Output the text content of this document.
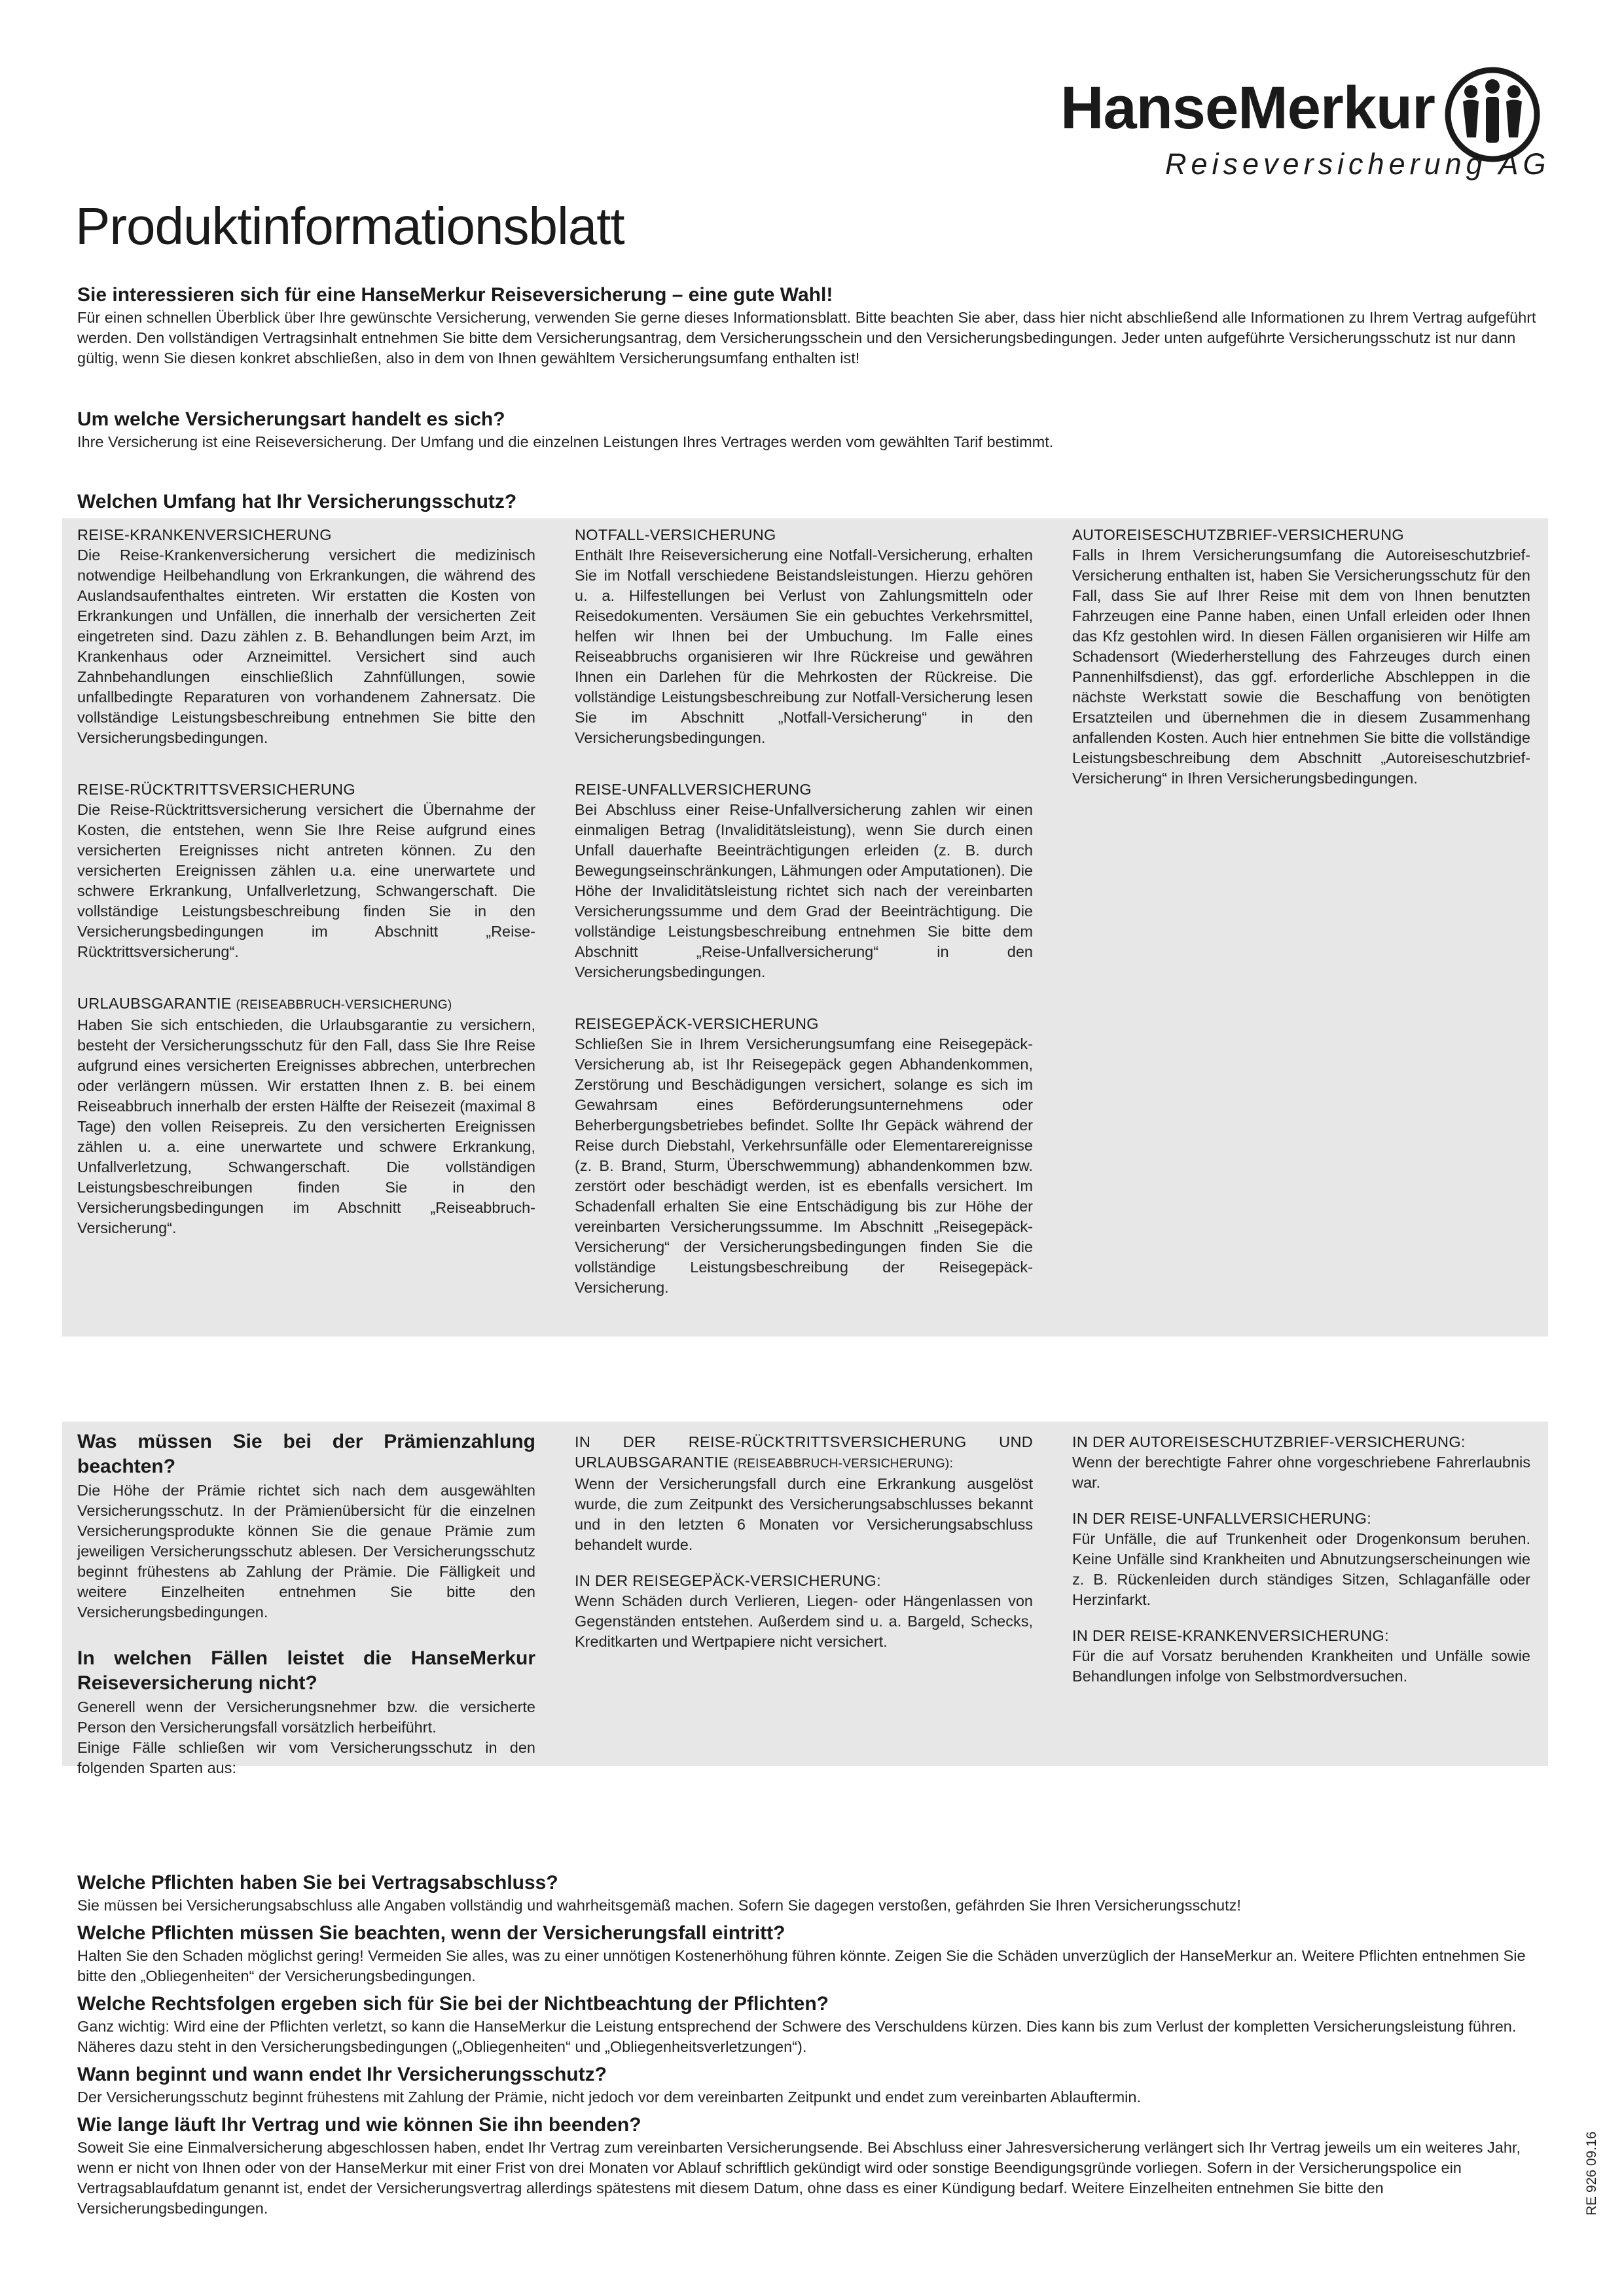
HanseMerkur
Reiseversicherung AG
Produktinformationsblatt

Sie interessieren sich für eine HanseMerkur Reiseversicherung – eine gute Wahl!

Für einen schnellen Überblick über Ihre gewünschte Versicherung, verwenden Sie gerne dieses Informationsblatt. Bitte beachten Sie aber, dass hier nicht abschließend alle Informationen zu Ihrem Vertrag aufgeführt werden. Den vollständigen Vertragsinhalt entnehmen Sie bitte dem Versicherungsantrag, dem Versicherungsschein und den Versicherungsbedingungen. Jeder unten aufgeführte Versicherungsschutz ist nur dann gültig, wenn Sie diesen konkret abschließen, also in dem von Ihnen gewähltem Versicherungsumfang enthalten ist!

Um welche Versicherungsart handelt es sich?

Ihre Versicherung ist eine Reiseversicherung. Der Umfang und die einzelnen Leistungen Ihres Vertrages werden vom gewählten Tarif bestimmt.

Welchen Umfang hat Ihr Versicherungsschutz?

REISE-KRANKENVERSICHERUNG

Die Reise-Krankenversicherung versichert die medizinisch notwendige Heilbehandlung von Erkrankungen, die während des Auslandsaufenthaltes eintreten. Wir erstatten die Kosten von Erkrankungen und Unfällen, die innerhalb der versicherten Zeit eingetreten sind. Dazu zählen z. B. Behandlungen beim Arzt, im Krankenhaus oder Arzneimittel. Versichert sind auch Zahnbehandlungen einschließlich Zahnfüllungen, sowie unfallbedingte Reparaturen von vorhandenem Zahnersatz. Die vollständige Leistungsbeschreibung entnehmen Sie bitte den Versicherungsbedingungen.

REISE-RÜCKTRITTSVERSICHERUNG

Die Reise-Rücktrittsversicherung versichert die Übernahme der Kosten, die entstehen, wenn Sie Ihre Reise aufgrund eines versicherten Ereignisses nicht antreten können. Zu den versicherten Ereignissen zählen u.a. eine unerwartete und schwere Erkrankung, Unfallverletzung, Schwangerschaft. Die vollständige Leistungsbeschreibung finden Sie in den Versicherungsbedingungen im Abschnitt „Reise-Rücktrittsversicherung“.

URLAUBSGARANTIE (REISEABBRUCH-VERSICHERUNG)

Haben Sie sich entschieden, die Urlaubsgarantie zu versichern, besteht der Versicherungsschutz für den Fall, dass Sie Ihre Reise aufgrund eines versicherten Ereignisses abbrechen, unterbrechen oder verlängern müssen. Wir erstatten Ihnen z. B. bei einem Reiseabbruch innerhalb der ersten Hälfte der Reisezeit (maximal 8 Tage) den vollen Reisepreis. Zu den versicherten Ereignissen zählen u. a. eine unerwartete und schwere Erkrankung, Unfallverletzung, Schwangerschaft. Die vollständigen Leistungsbeschreibungen finden Sie in den Versicherungsbedingungen im Abschnitt „Reiseabbruch-Versicherung“.

NOTFALL-VERSICHERUNG

Enthält Ihre Reiseversicherung eine Notfall-Versicherung, erhalten Sie im Notfall verschiedene Beistandsleistungen. Hierzu gehören u. a. Hilfestellungen bei Verlust von Zahlungsmitteln oder Reisedokumenten. Versäumen Sie ein gebuchtes Verkehrsmittel, helfen wir Ihnen bei der Umbuchung. Im Falle eines Reiseabbruchs organisieren wir Ihre Rückreise und gewähren Ihnen ein Darlehen für die Mehrkosten der Rückreise. Die vollständige Leistungsbeschreibung zur Notfall-Versicherung lesen Sie im Abschnitt „Notfall-Versicherung“ in den Versicherungsbedingungen.

REISE-UNFALLVERSICHERUNG

Bei Abschluss einer Reise-Unfallversicherung zahlen wir einen einmaligen Betrag (Invaliditätsleistung), wenn Sie durch einen Unfall dauerhafte Beeinträchtigungen erleiden (z. B. durch Bewegungseinschränkungen, Lähmungen oder Amputationen). Die Höhe der Invaliditätsleistung richtet sich nach der vereinbarten Versicherungssumme und dem Grad der Beeinträchtigung. Die vollständige Leistungsbeschreibung entnehmen Sie bitte dem Abschnitt „Reise-Unfallversicherung“ in den Versicherungsbedingungen.

REISEGEPÄCK-VERSICHERUNG

Schließen Sie in Ihrem Versicherungsumfang eine Reisegepäck-Versicherung ab, ist Ihr Reisegepäck gegen Abhandenkommen, Zerstörung und Beschädigungen versichert, solange es sich im Gewahrsam eines Beförderungsunternehmens oder Beherbergungsbetriebes befindet. Sollte Ihr Gepäck während der Reise durch Diebstahl, Verkehrsunfälle oder Elementarereignisse (z. B. Brand, Sturm, Überschwemmung) abhandenkommen bzw. zerstört oder beschädigt werden, ist es ebenfalls versichert. Im Schadenfall erhalten Sie eine Entschädigung bis zur Höhe der vereinbarten Versicherungssumme. Im Abschnitt „Reisegepäck-Versicherung“ der Versicherungsbedingungen finden Sie die vollständige Leistungsbeschreibung der Reisegepäck-Versicherung.

AUTOREISESCHUTZBRIEF-VERSICHERUNG

Falls in Ihrem Versicherungsumfang die Autoreiseschutzbrief-Versicherung enthalten ist, haben Sie Versicherungsschutz für den Fall, dass Sie auf Ihrer Reise mit dem von Ihnen benutzten Fahrzeugen eine Panne haben, einen Unfall erleiden oder Ihnen das Kfz gestohlen wird. In diesen Fällen organisieren wir Hilfe am Schadensort (Wiederherstellung des Fahrzeuges durch einen Pannenhilfsdienst), das ggf. erforderliche Abschleppen in die nächste Werkstatt sowie die Beschaffung von benötigten Ersatzteilen und übernehmen die in diesem Zusammenhang anfallenden Kosten. Auch hier entnehmen Sie bitte die vollständige Leistungsbeschreibung dem Abschnitt „Autoreiseschutzbrief-Versicherung“ in Ihren Versicherungsbedingungen.

Was müssen Sie bei der Prämienzahlung beachten?

Die Höhe der Prämie richtet sich nach dem ausgewählten Versicherungsschutz. In der Prämienübersicht für die einzelnen Versicherungsprodukte können Sie die genaue Prämie zum jeweiligen Versicherungsschutz ablesen. Der Versicherungsschutz beginnt frühestens ab Zahlung der Prämie. Die Fälligkeit und weitere Einzelheiten entnehmen Sie bitte den Versicherungsbedingungen.

In welchen Fällen leistet die HanseMerkur Reiseversicherung nicht?

Generell wenn der Versicherungsnehmer bzw. die versicherte Person den Versicherungsfall vorsätzlich herbeiführt.

Einige Fälle schließen wir vom Versicherungsschutz in den folgenden Sparten aus:

IN DER REISE-RÜCKTRITTSVERSICHERUNG UND URLAUBSGARANTIE (REISEABBRUCH-VERSICHERUNG):

Wenn der Versicherungsfall durch eine Erkrankung ausgelöst wurde, die zum Zeitpunkt des Versicherungsabschlusses bekannt und in den letzten 6 Monaten vor Versicherungsabschluss behandelt wurde.

IN DER REISEGEPÄCK-VERSICHERUNG:

Wenn Schäden durch Verlieren, Liegen- oder Hängenlassen von Gegenständen entstehen. Außerdem sind u. a. Bargeld, Schecks, Kreditkarten und Wertpapiere nicht versichert.

IN DER AUTOREISESCHUTZBRIEF-VERSICHERUNG:

Wenn der berechtigte Fahrer ohne vorgeschriebene Fahrerlaubnis war.

IN DER REISE-UNFALLVERSICHERUNG:

Für Unfälle, die auf Trunkenheit oder Drogenkonsum beruhen. Keine Unfälle sind Krankheiten und Abnutzungserscheinungen wie z. B. Rückenleiden durch ständiges Sitzen, Schlaganfälle oder Herzinfarkt.

IN DER REISE-KRANKENVERSICHERUNG:

Für die auf Vorsatz beruhenden Krankheiten und Unfälle sowie Behandlungen infolge von Selbstmordversuchen.

Welche Pflichten haben Sie bei Vertragsabschluss?

Sie müssen bei Versicherungsabschluss alle Angaben vollständig und wahrheitsgemäß machen. Sofern Sie dagegen verstoßen, gefährden Sie Ihren Versicherungsschutz!

Welche Pflichten müssen Sie beachten, wenn der Versicherungsfall eintritt?

Halten Sie den Schaden möglichst gering! Vermeiden Sie alles, was zu einer unnötigen Kostenerhöhung führen könnte. Zeigen Sie die Schäden unverzüglich der HanseMerkur an. Weitere Pflichten entnehmen Sie bitte den „Obliegenheiten“ der Versicherungsbedingungen.

Welche Rechtsfolgen ergeben sich für Sie bei der Nichtbeachtung der Pflichten?

Ganz wichtig: Wird eine der Pflichten verletzt, so kann die HanseMerkur die Leistung entsprechend der Schwere des Verschuldens kürzen. Dies kann bis zum Verlust der kompletten Versicherungsleistung führen. Näheres dazu steht in den Versicherungsbedingungen („Obliegenheiten“ und „Obliegenheitsverletzungen“).

Wann beginnt und wann endet Ihr Versicherungsschutz?

Der Versicherungsschutz beginnt frühestens mit Zahlung der Prämie, nicht jedoch vor dem vereinbarten Zeitpunkt und endet zum vereinbarten Ablauftermin.

Wie lange läuft Ihr Vertrag und wie können Sie ihn beenden?

Soweit Sie eine Einmalversicherung abgeschlossen haben, endet Ihr Vertrag zum vereinbarten Versicherungsende. Bei Abschluss einer Jahresversicherung verlängert sich Ihr Vertrag jeweils um ein weiteres Jahr, wenn er nicht von Ihnen oder von der HanseMerkur mit einer Frist von drei Monaten vor Ablauf schriftlich gekündigt wird oder sonstige Beendigungsgründe vorliegen. Sofern in der Versicherungspolice ein Vertragsablaufdatum genannt ist, endet der Versicherungsvertrag allerdings spätestens mit diesem Datum, ohne dass es einer Kündigung bedarf. Weitere Einzelheiten entnehmen Sie bitte den Versicherungsbedingungen.	RE 926 09.16
